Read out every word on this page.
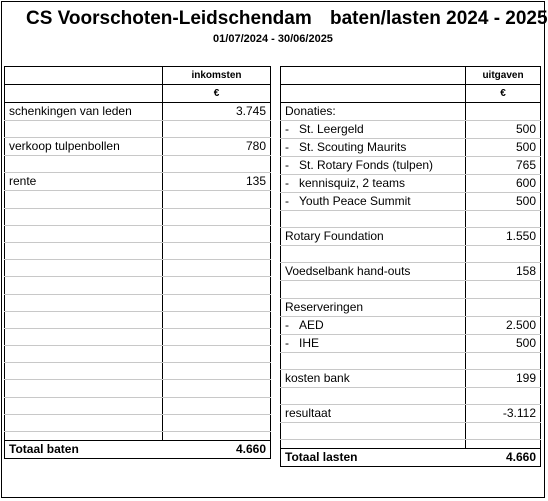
CS Voorschoten-Leidschendam baten/lasten 2024 - 2025
01/07/2024 - 30/06/2025
	inkomsten
	€
schenkingen van leden	3.745

verkoop tulpenbollen	780

rente	135

Totaal baten	4.660
	uitgaven
	€
Donaties:	
- St. Leergeld	500
- St. Scouting Maurits	500
- St. Rotary Fonds (tulpen)	765
- kennisquiz, 2 teams	600
- Youth Peace Summit	500

Rotary Foundation	1.550

Voedselbank hand-outs	158

Reserveringen	
- AED	2.500
- IHE	500

kosten bank	199

resultaat	-3.112

Totaal lasten	4.660
